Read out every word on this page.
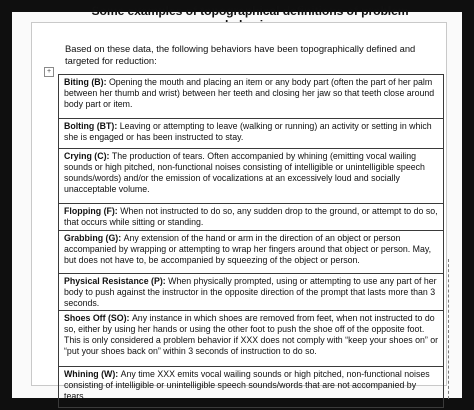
Some examples of topographical definitions of problem
Based on these data, the following behaviors have been topographically defined and targeted for reduction:
+
Biting (B): Opening the mouth and placing an item or any body part (often the part of her palm between her thumb and wrist) between her teeth and closing her jaw so that teeth close around body part or item.
Bolting (BT): Leaving or attempting to leave (walking or running) an activity or setting in which she is engaged or has been instructed to stay.
Crying (C): The production of tears. Often accompanied by whining (emitting vocal wailing sounds or high pitched, non-functional noises consisting of intelligible or unintelligible speech sounds/words) and/or the emission of vocalizations at an excessively loud and socially unacceptable volume.
Flopping (F): When not instructed to do so, any sudden drop to the ground, or attempt to do so, that occurs while sitting or standing.
Grabbing (G): Any extension of the hand or arm in the direction of an object or person accompanied by wrapping or attempting to wrap her fingers around that object or person. May, but does not have to, be accompanied by squeezing of the object or person.
Physical Resistance (P): When physically prompted, using or attempting to use any part of her body to push against the instructor in the opposite direction of the prompt that lasts more than 3 seconds.
Shoes Off (SO): Any instance in which shoes are removed from feet, when not instructed to do so, either by using her hands or using the other foot to push the shoe off of the opposite foot. This is only considered a problem behavior if XXX does not comply with “keep your shoes on” or “put your shoes back on” within 3 seconds of instruction to do so.
Whining (W): Any time XXX emits vocal wailing sounds or high pitched, non-functional noises consisting of intelligible or unintelligible speech sounds/words that are not accompanied by tears.
